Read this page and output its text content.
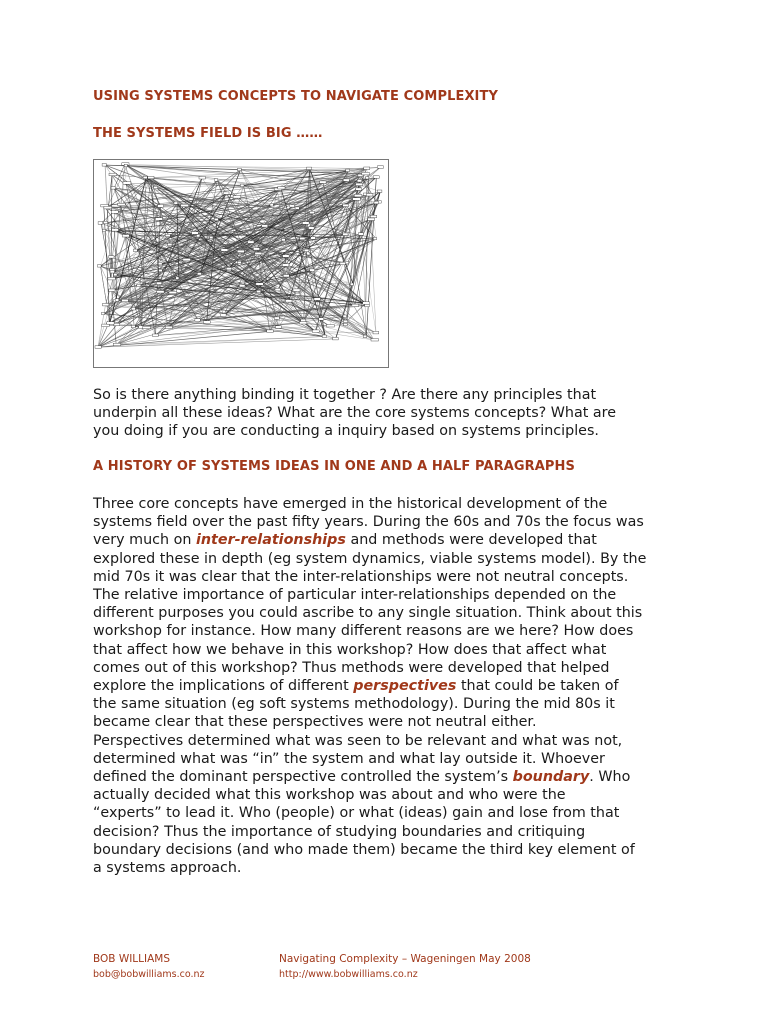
USING SYSTEMS CONCEPTS TO NAVIGATE COMPLEXITY
THE SYSTEMS FIELD IS BIG ……

So is there anything binding it together ? Are there any principles that
underpin all these ideas? What are the core systems concepts? What are
you doing if you are conducting a inquiry based on systems principles.

A HISTORY OF SYSTEMS IDEAS IN ONE AND A HALF PARAGRAPHS

Three core concepts have emerged in the historical development of the
systems field over the past fifty years. During the 60s and 70s the focus was
very much on inter-relationships and methods were developed that
explored these in depth (eg system dynamics, viable systems model). By the
mid 70s it was clear that the inter-relationships were not neutral concepts.
The relative importance of particular inter-relationships depended on the
different purposes you could ascribe to any single situation. Think about this
workshop for instance. How many different reasons are we here? How does
that affect how we behave in this workshop? How does that affect what
comes out of this workshop? Thus methods were developed that helped
explore the implications of different perspectives that could be taken of
the same situation (eg soft systems methodology). During the mid 80s it
became clear that these perspectives were not neutral either.
Perspectives determined what was seen to be relevant and what was not,
determined what was “in” the system and what lay outside it. Whoever
defined the dominant perspective controlled the system’s boundary. Who
actually decided what this workshop was about and who were the
“experts” to lead it. Who (people) or what (ideas) gain and lose from that
decision? Thus the importance of studying boundaries and critiquing
boundary decisions (and who made them) became the third key element of
a systems approach.

BOB WILLIAMS
bob@bobwilliams.co.nz
Navigating Complexity – Wageningen May 2008
http://www.bobwilliams.co.nz
